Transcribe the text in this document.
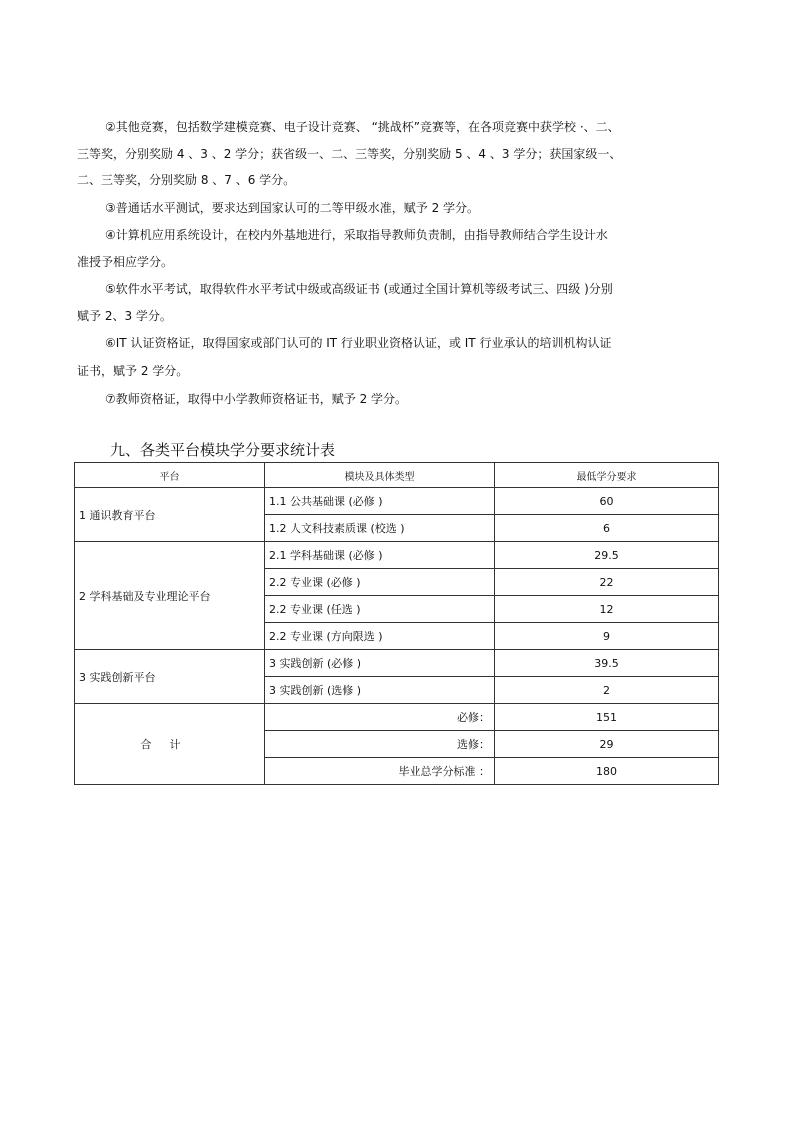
②其他竞赛，包括数学建模竞赛、电子设计竞赛、 “挑战杯”竞赛等，在各项竞赛中获学校 ·、二、
三等奖，分别奖励 4 、3 、2 学分；获省级一、二、三等奖，分别奖励 5 、4 、3 学分；获国家级一、
二、三等奖，分别奖励 8 、7 、6 学分。
③普通话水平测试，要求达到国家认可的二等甲级水准，赋予 2 学分。
④计算机应用系统设计，在校内外基地进行，采取指导教师负责制，由指导教师结合学生设计水
准授予相应学分。
⑤软件水平考试，取得软件水平考试中级或高级证书 (或通过全国计算机等级考试三、四级 )分别
赋予 2、3 学分。
⑥IT 认证资格证，取得国家或部门认可的 IT 行业职业资格认证，或 IT 行业承认的培训机构认证
证书，赋予 2 学分。
⑦教师资格证，取得中小学教师资格证书，赋予 2 学分。
九、各类平台模块学分要求统计表
平台	模块及具体类型	最低学分要求
1 通识教育平台	1.1 公共基础课 (必修 )	60
	1.2 人文科技素质课 (校选 )	6
2 学科基础及专业理论平台	2.1 学科基础课 (必修 )	29.5
	2.2 专业课 (必修 )	22
	2.2 专业课 (任选 )	12
	2.2 专业课 (方向限选 )	9
3 实践创新平台	3 实践创新 (必修 )	39.5
	3 实践创新 (选修 )	2
合计	必修：	151
	选修：	29
	毕业总学分标准 ：	180
